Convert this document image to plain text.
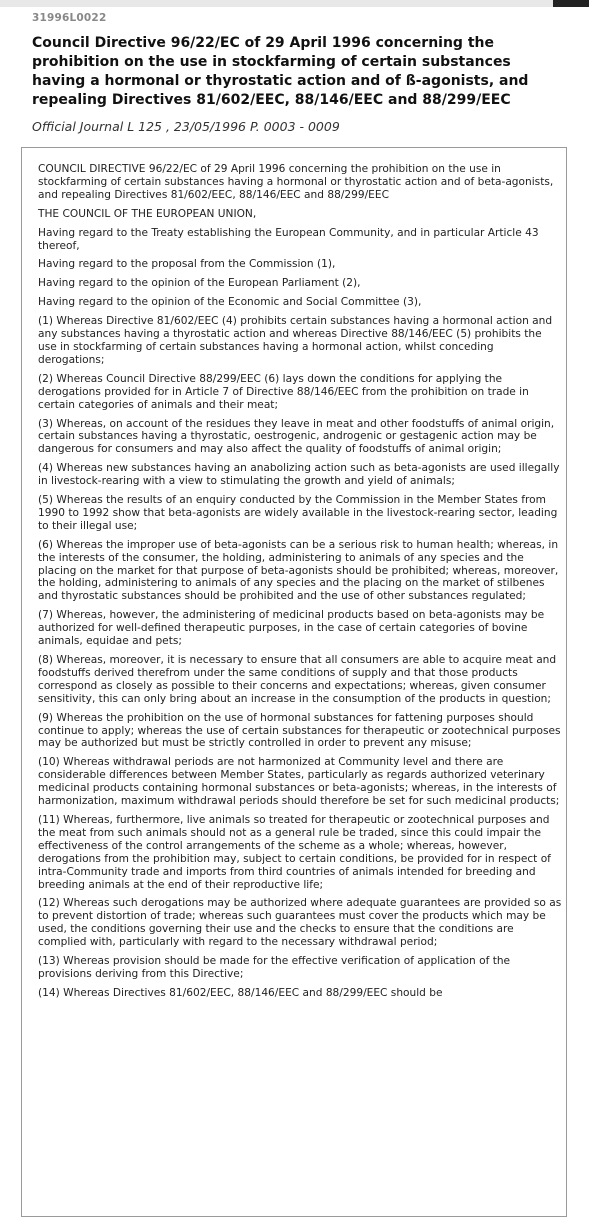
31996L0022
Council Directive 96/22/EC of 29 April 1996 concerning the prohibition on the use in stockfarming of certain substances having a hormonal or thyrostatic action and of ß-agonists, and repealing Directives 81/602/EEC, 88/146/EEC and 88/299/EEC
Official Journal L 125 , 23/05/1996 P. 0003 - 0009

COUNCIL DIRECTIVE 96/22/EC of 29 April 1996 concerning the prohibition on the use in stockfarming of certain substances having a hormonal or thyrostatic action and of beta-agonists, and repealing Directives 81/602/EEC, 88/146/EEC and 88/299/EEC

THE COUNCIL OF THE EUROPEAN UNION,

Having regard to the Treaty establishing the European Community, and in particular Article 43 thereof,

Having regard to the proposal from the Commission (1),

Having regard to the opinion of the European Parliament (2),

Having regard to the opinion of the Economic and Social Committee (3),

(1) Whereas Directive 81/602/EEC (4) prohibits certain substances having a hormonal action and any substances having a thyrostatic action and whereas Directive 88/146/EEC (5) prohibits the use in stockfarming of certain substances having a hormonal action, whilst conceding derogations;

(2) Whereas Council Directive 88/299/EEC (6) lays down the conditions for applying the derogations provided for in Article 7 of Directive 88/146/EEC from the prohibition on trade in certain categories of animals and their meat;

(3) Whereas, on account of the residues they leave in meat and other foodstuffs of animal origin, certain substances having a thyrostatic, oestrogenic, androgenic or gestagenic action may be dangerous for consumers and may also affect the quality of foodstuffs of animal origin;

(4) Whereas new substances having an anabolizing action such as beta-agonists are used illegally in livestock-rearing with a view to stimulating the growth and yield of animals;

(5) Whereas the results of an enquiry conducted by the Commission in the Member States from 1990 to 1992 show that beta-agonists are widely available in the livestock-rearing sector, leading to their illegal use;

(6) Whereas the improper use of beta-agonists can be a serious risk to human health; whereas, in the interests of the consumer, the holding, administering to animals of any species and the placing on the market for that purpose of beta-agonists should be prohibited; whereas, moreover, the holding, administering to animals of any species and the placing on the market of stilbenes and thyrostatic substances should be prohibited and the use of other substances regulated;

(7) Whereas, however, the administering of medicinal products based on beta-agonists may be authorized for well-defined therapeutic purposes, in the case of certain categories of bovine animals, equidae and pets;

(8) Whereas, moreover, it is necessary to ensure that all consumers are able to acquire meat and foodstuffs derived therefrom under the same conditions of supply and that those products correspond as closely as possible to their concerns and expectations; whereas, given consumer sensitivity, this can only bring about an increase in the consumption of the products in question;

(9) Whereas the prohibition on the use of hormonal substances for fattening purposes should continue to apply; whereas the use of certain substances for therapeutic or zootechnical purposes may be authorized but must be strictly controlled in order to prevent any misuse;

(10) Whereas withdrawal periods are not harmonized at Community level and there are considerable differences between Member States, particularly as regards authorized veterinary medicinal products containing hormonal substances or beta-agonists; whereas, in the interests of harmonization, maximum withdrawal periods should therefore be set for such medicinal products;

(11) Whereas, furthermore, live animals so treated for therapeutic or zootechnical purposes and the meat from such animals should not as a general rule be traded, since this could impair the effectiveness of the control arrangements of the scheme as a whole; whereas, however, derogations from the prohibition may, subject to certain conditions, be provided for in respect of intra-Community trade and imports from third countries of animals intended for breeding and breeding animals at the end of their reproductive life;

(12) Whereas such derogations may be authorized where adequate guarantees are provided so as to prevent distortion of trade; whereas such guarantees must cover the products which may be used, the conditions governing their use and the checks to ensure that the conditions are complied with, particularly with regard to the necessary withdrawal period;

(13) Whereas provision should be made for the effective verification of application of the provisions deriving from this Directive;

(14) Whereas Directives 81/602/EEC, 88/146/EEC and 88/299/EEC should be
